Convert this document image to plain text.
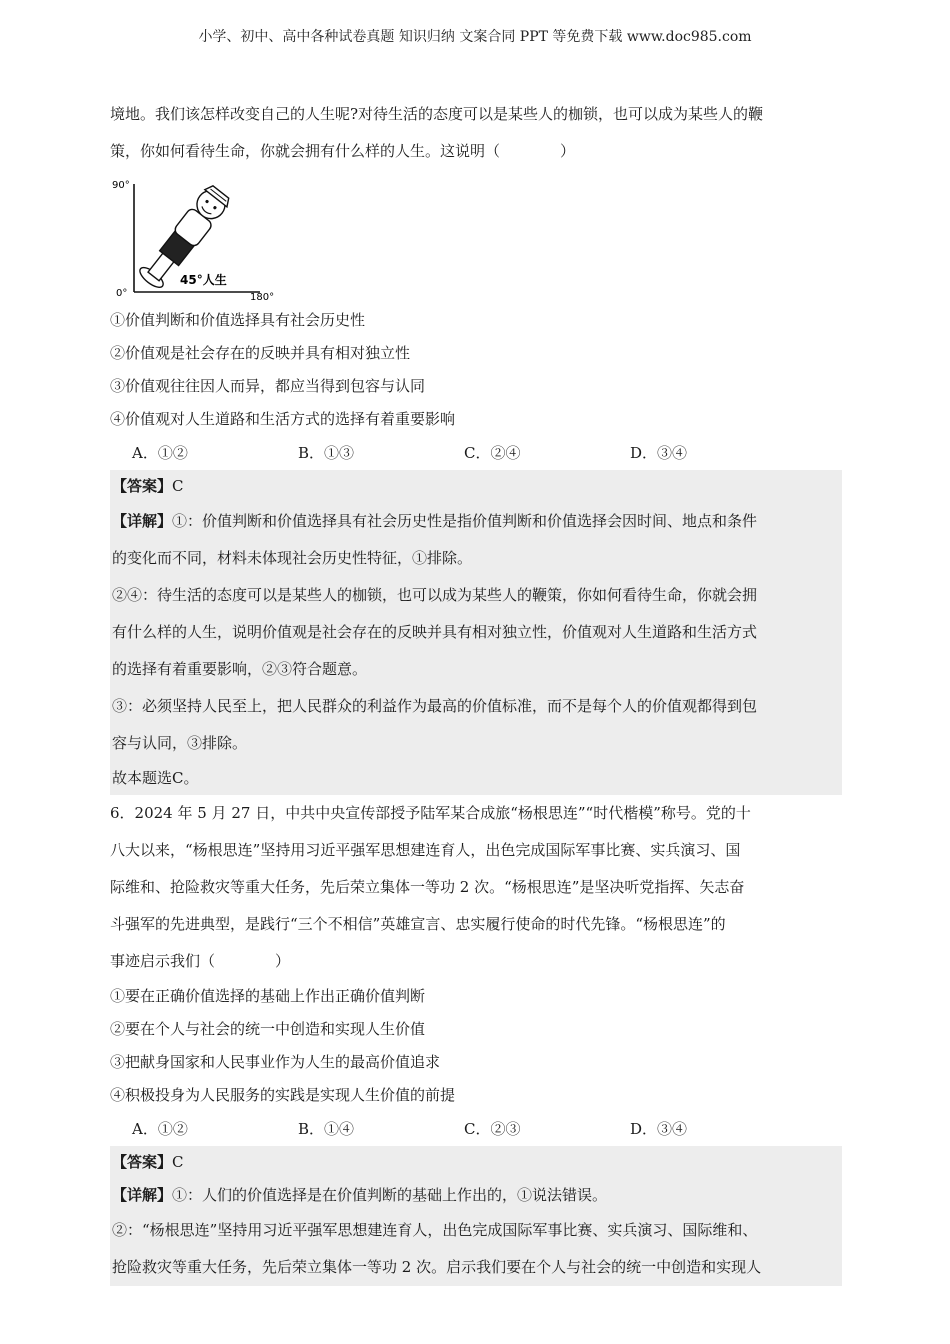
小学、初中、高中各种试卷真题 知识归纳 文案合同 PPT 等免费下载 www.doc985.com
境地。我们该怎样改变自己的人生呢?对待生活的态度可以是某些人的枷锁，也可以成为某些人的鞭
策，你如何看待生命，你就会拥有什么样的人生。这说明（　　　　）
90°
0°	180°
45°人生
①价值判断和价值选择具有社会历史性
②价值观是社会存在的反映并具有相对独立性
③价值观往往因人而异，都应当得到包容与认同
④价值观对人生道路和生活方式的选择有着重要影响
A．①②	B．①③	C．②④	D．③④
【答案】C
【详解】①：价值判断和价值选择具有社会历史性是指价值判断和价值选择会因时间、地点和条件
的变化而不同，材料未体现社会历史性特征，①排除。
②④：待生活的态度可以是某些人的枷锁，也可以成为某些人的鞭策，你如何看待生命，你就会拥
有什么样的人生，说明价值观是社会存在的反映并具有相对独立性，价值观对人生道路和生活方式
的选择有着重要影响，②③符合题意。
③：必须坚持人民至上，把人民群众的利益作为最高的价值标准，而不是每个人的价值观都得到包
容与认同，③排除。
故本题选C。
6．2024 年 5 月 27 日，中共中央宣传部授予陆军某合成旅“杨根思连”“时代楷模”称号。党的十
八大以来，“杨根思连”坚持用习近平强军思想建连育人，出色完成国际军事比赛、实兵演习、国
际维和、抢险救灾等重大任务，先后荣立集体一等功 2 次。“杨根思连”是坚决听党指挥、矢志奋
斗强军的先进典型，是践行“三个不相信”英雄宣言、忠实履行使命的时代先锋。“杨根思连”的
事迹启示我们（　　　　）
①要在正确价值选择的基础上作出正确价值判断
②要在个人与社会的统一中创造和实现人生价值
③把献身国家和人民事业作为人生的最高价值追求
④积极投身为人民服务的实践是实现人生价值的前提
A．①②	B．①④	C．②③	D．③④
【答案】C
【详解】①：人们的价值选择是在价值判断的基础上作出的，①说法错误。
②：“杨根思连”坚持用习近平强军思想建连育人，出色完成国际军事比赛、实兵演习、国际维和、
抢险救灾等重大任务，先后荣立集体一等功 2 次。启示我们要在个人与社会的统一中创造和实现人
